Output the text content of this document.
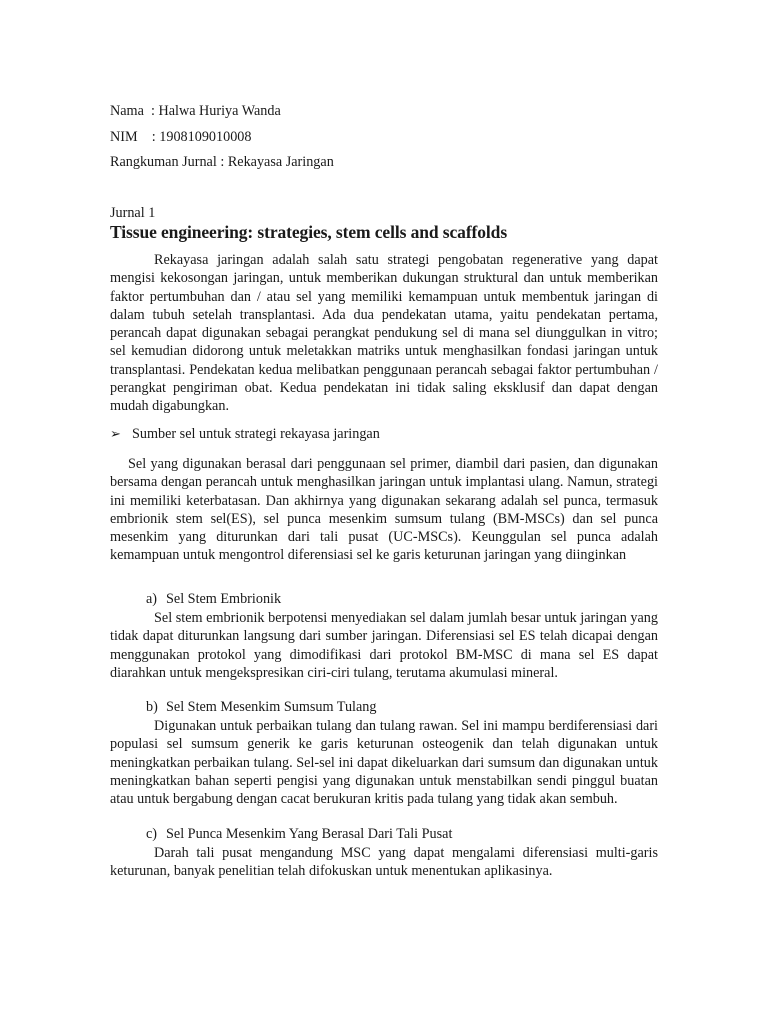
Nama : Halwa Huriya Wanda
NIM : 1908109010008
Rangkuman Jurnal : Rekayasa Jaringan
Jurnal 1
Tissue engineering: strategies, stem cells and scaffolds

Rekayasa jaringan adalah salah satu strategi pengobatan regenerative yang dapat mengisi kekosongan jaringan, untuk memberikan dukungan struktural dan untuk memberikan faktor pertumbuhan dan / atau sel yang memiliki kemampuan untuk membentuk jaringan di dalam tubuh setelah transplantasi. Ada dua pendekatan utama, yaitu pendekatan pertama, perancah dapat digunakan sebagai perangkat pendukung sel di mana sel diunggulkan in vitro; sel kemudian didorong untuk meletakkan matriks untuk menghasilkan fondasi jaringan untuk transplantasi. Pendekatan kedua melibatkan penggunaan perancah sebagai faktor pertumbuhan / perangkat pengiriman obat. Kedua pendekatan ini tidak saling eksklusif dan dapat dengan mudah digabungkan.

➢ Sumber sel untuk strategi rekayasa jaringan

Sel yang digunakan berasal dari penggunaan sel primer, diambil dari pasien, dan digunakan bersama dengan perancah untuk menghasilkan jaringan untuk implantasi ulang. Namun, strategi ini memiliki keterbatasan. Dan akhirnya yang digunakan sekarang adalah sel punca, termasuk embrionik stem sel(ES), sel punca mesenkim sumsum tulang (BM-MSCs) dan sel punca mesenkim yang diturunkan dari tali pusat (UC-MSCs). Keunggulan sel punca adalah kemampuan untuk mengontrol diferensiasi sel ke garis keturunan jaringan yang diinginkan

a) Sel Stem Embrionik

Sel stem embrionik berpotensi menyediakan sel dalam jumlah besar untuk jaringan yang tidak dapat diturunkan langsung dari sumber jaringan. Diferensiasi sel ES telah dicapai dengan menggunakan protokol yang dimodifikasi dari protokol BM-MSC di mana sel ES dapat diarahkan untuk mengekspresikan ciri-ciri tulang, terutama akumulasi mineral.

b) Sel Stem Mesenkim Sumsum Tulang

Digunakan untuk perbaikan tulang dan tulang rawan. Sel ini mampu berdiferensiasi dari populasi sel sumsum generik ke garis keturunan osteogenik dan telah digunakan untuk meningkatkan perbaikan tulang. Sel-sel ini dapat dikeluarkan dari sumsum dan digunakan untuk meningkatkan bahan seperti pengisi yang digunakan untuk menstabilkan sendi pinggul buatan atau untuk bergabung dengan cacat berukuran kritis pada tulang yang tidak akan sembuh.

c) Sel Punca Mesenkim Yang Berasal Dari Tali Pusat

Darah tali pusat mengandung MSC yang dapat mengalami diferensiasi multi-garis keturunan, banyak penelitian telah difokuskan untuk menentukan aplikasinya.
